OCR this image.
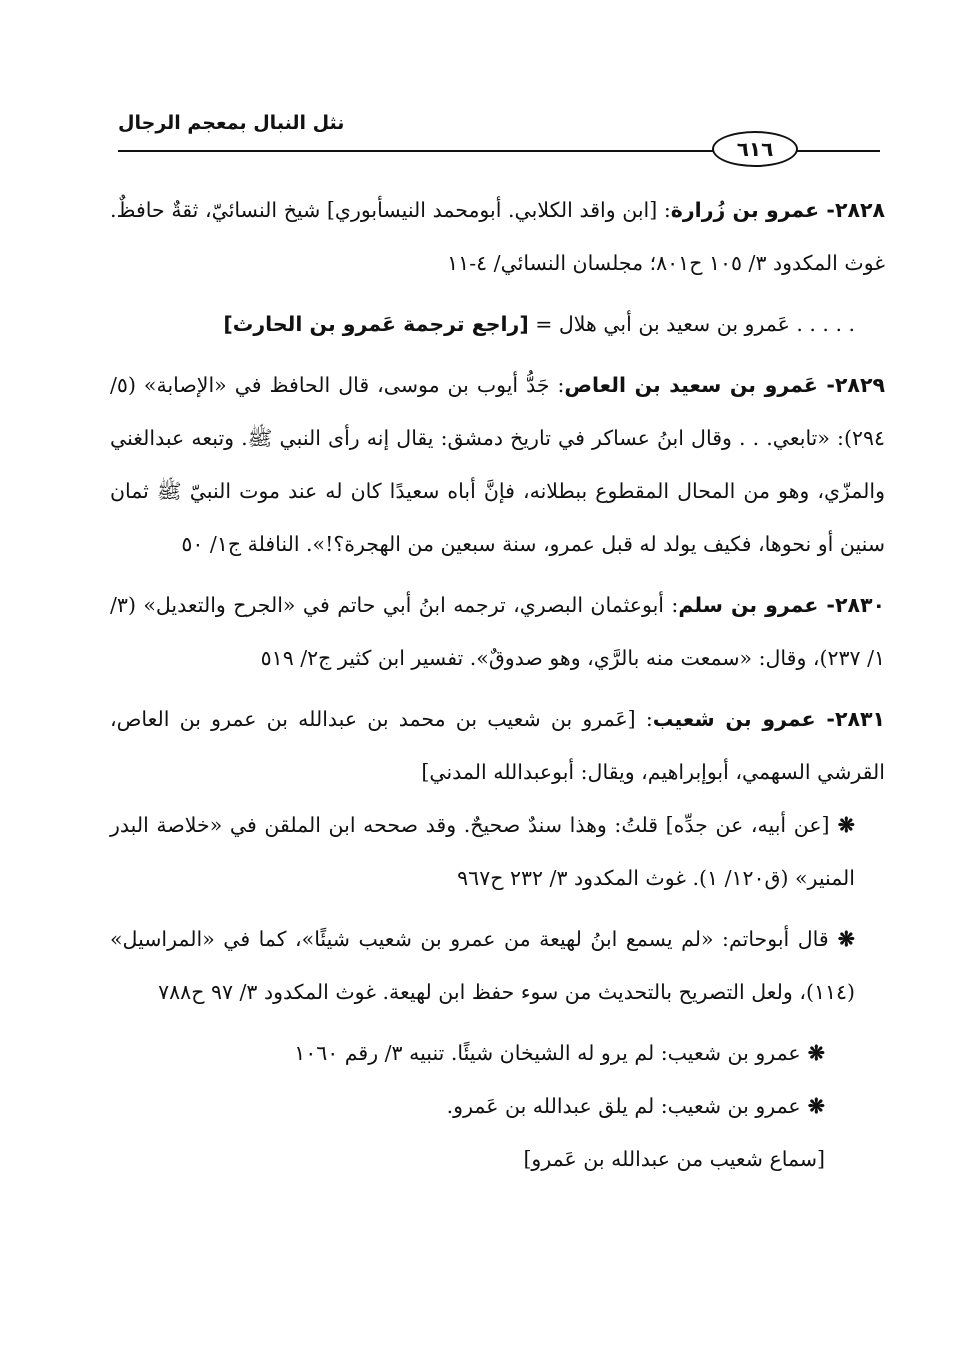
نثل النبال بمعجم الرجال
٦١٦

٢٨٢٨- عمرو بن زُرارة: [ابن واقد الكلابي. أبومحمد النيسأبوري] شيخ النسائيّ، ثقةٌ حافظٌ. غوث المكدود ٣/ ١٠٥ ح٨٠١؛ مجلسان النسائي/ ٤-١١

. . . . . عَمرو بن سعيد بن أبي هلال = [راجع ترجمة عَمرو بن الحارث]

٢٨٢٩- عَمرو بن سعيد بن العاص: جَدُّ أيوب بن موسى، قال الحافظ في «الإصابة» (٥/ ٢٩٤): «تابعي. . . وقال ابنُ عساكر في تاريخ دمشق: يقال إنه رأى النبي ﷺ. وتبعه عبدالغني والمزّي، وهو من المحال المقطوع ببطلانه، فإنَّ أباه سعيدًا كان له عند موت النبيّ ﷺ ثمان سنين أو نحوها، فكيف يولد له قبل عمرو، سنة سبعين من الهجرة؟!». النافلة ج١/ ٥٠

٢٨٣٠- عمرو بن سلم: أبوعثمان البصري، ترجمه ابنُ أبي حاتم في «الجرح والتعديل» (٣/ ١/ ٢٣٧)، وقال: «سمعت منه بالرَّي، وهو صدوقٌ». تفسير ابن كثير ج٢/ ٥١٩

٢٨٣١- عمرو بن شعيب: [عَمرو بن شعيب بن محمد بن عبدالله بن عمرو بن العاص، القرشي السهمي، أبوإبراهيم، ويقال: أبوعبدالله المدني]

❋ [عن أبيه، عن جدِّه] قلتُ: وهذا سندٌ صحيحٌ. وقد صححه ابن الملقن في «خلاصة البدر المنير» (ق١٢٠/ ١). غوث المكدود ٣/ ٢٣٢ ح٩٦٧

❋ قال أبوحاتم: «لم يسمع ابنُ لهيعة من عمرو بن شعيب شيئًا»، كما في «المراسيل» (١١٤)، ولعل التصريح بالتحديث من سوء حفظ ابن لهيعة. غوث المكدود ٣/ ٩٧ ح٧٨٨

❋ عمرو بن شعيب: لم يرو له الشيخان شيئًا. تنبيه ٣/ رقم ١٠٦٠

❋ عمرو بن شعيب: لم يلق عبدالله بن عَمرو.

[سماع شعيب من عبدالله بن عَمرو]
